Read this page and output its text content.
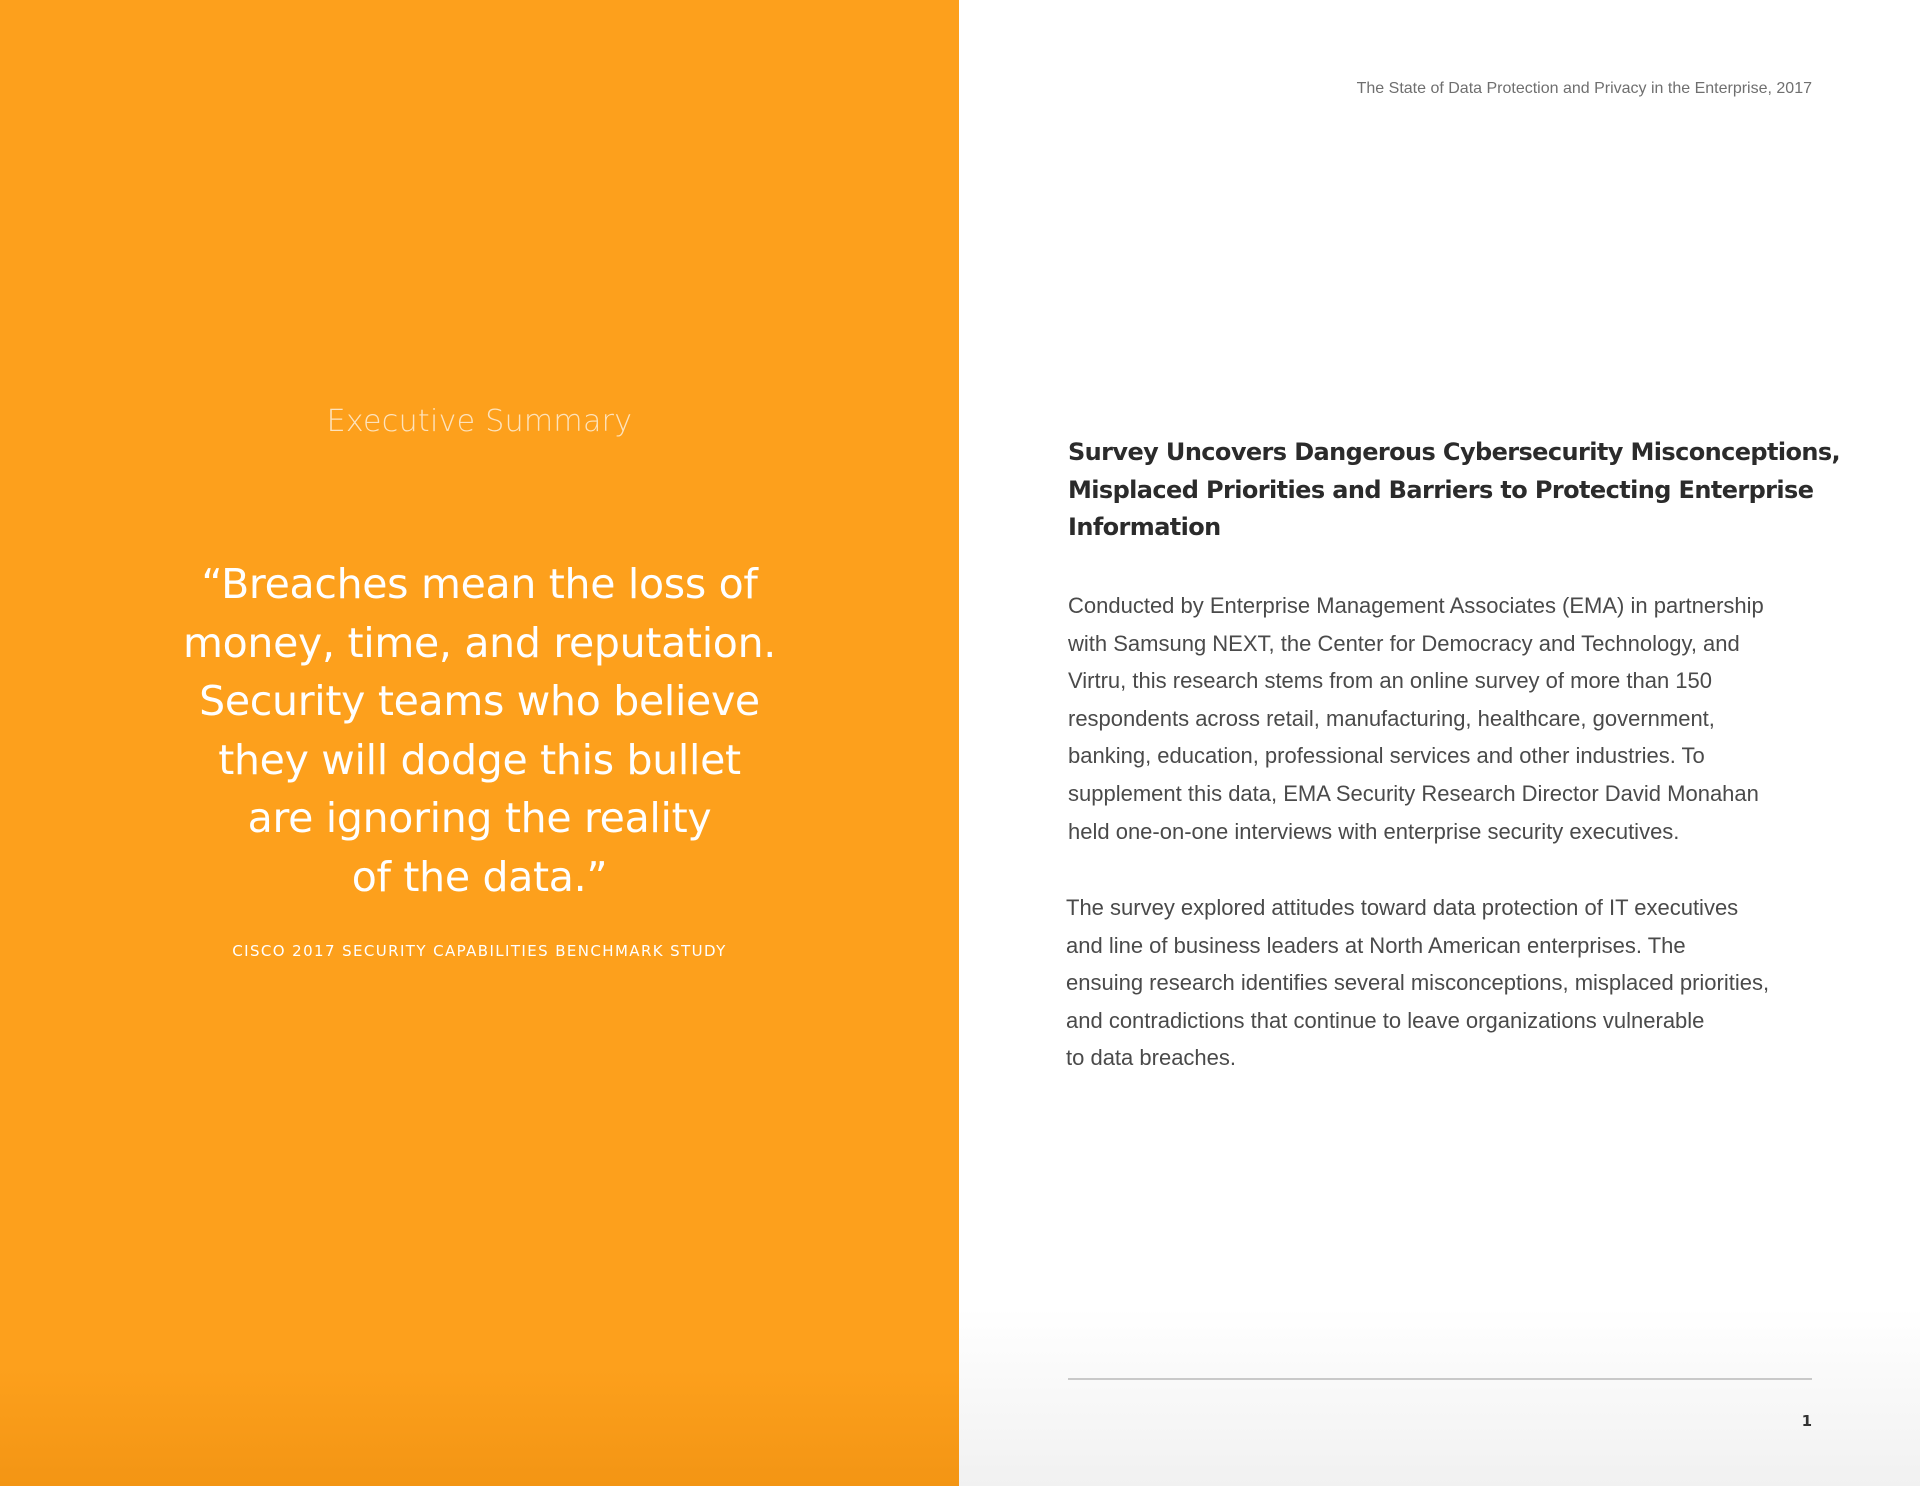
Executive Summary
“Breaches mean the loss of
money, time, and reputation.
Security teams who believe
they will dodge this bullet
are ignoring the reality
of the data.”
CISCO 2017 SECURITY CAPABILITIES BENCHMARK STUDY
The State of Data Protection and Privacy in the Enterprise, 2017
Survey Uncovers Dangerous Cybersecurity Misconceptions,
Misplaced Priorities and Barriers to Protecting Enterprise
Information
Conducted by Enterprise Management Associates (EMA) in partnership
with Samsung NEXT, the Center for Democracy and Technology, and
Virtru, this research stems from an online survey of more than 150
respondents across retail, manufacturing, healthcare, government,
banking, education, professional services and other industries. To
supplement this data, EMA Security Research Director David Monahan
held one-on-one interviews with enterprise security executives.
The survey explored attitudes toward data protection of IT executives
and line of business leaders at North American enterprises. The
ensuing research identifies several misconceptions, misplaced priorities,
and contradictions that continue to leave organizations vulnerable
to data breaches.
1
